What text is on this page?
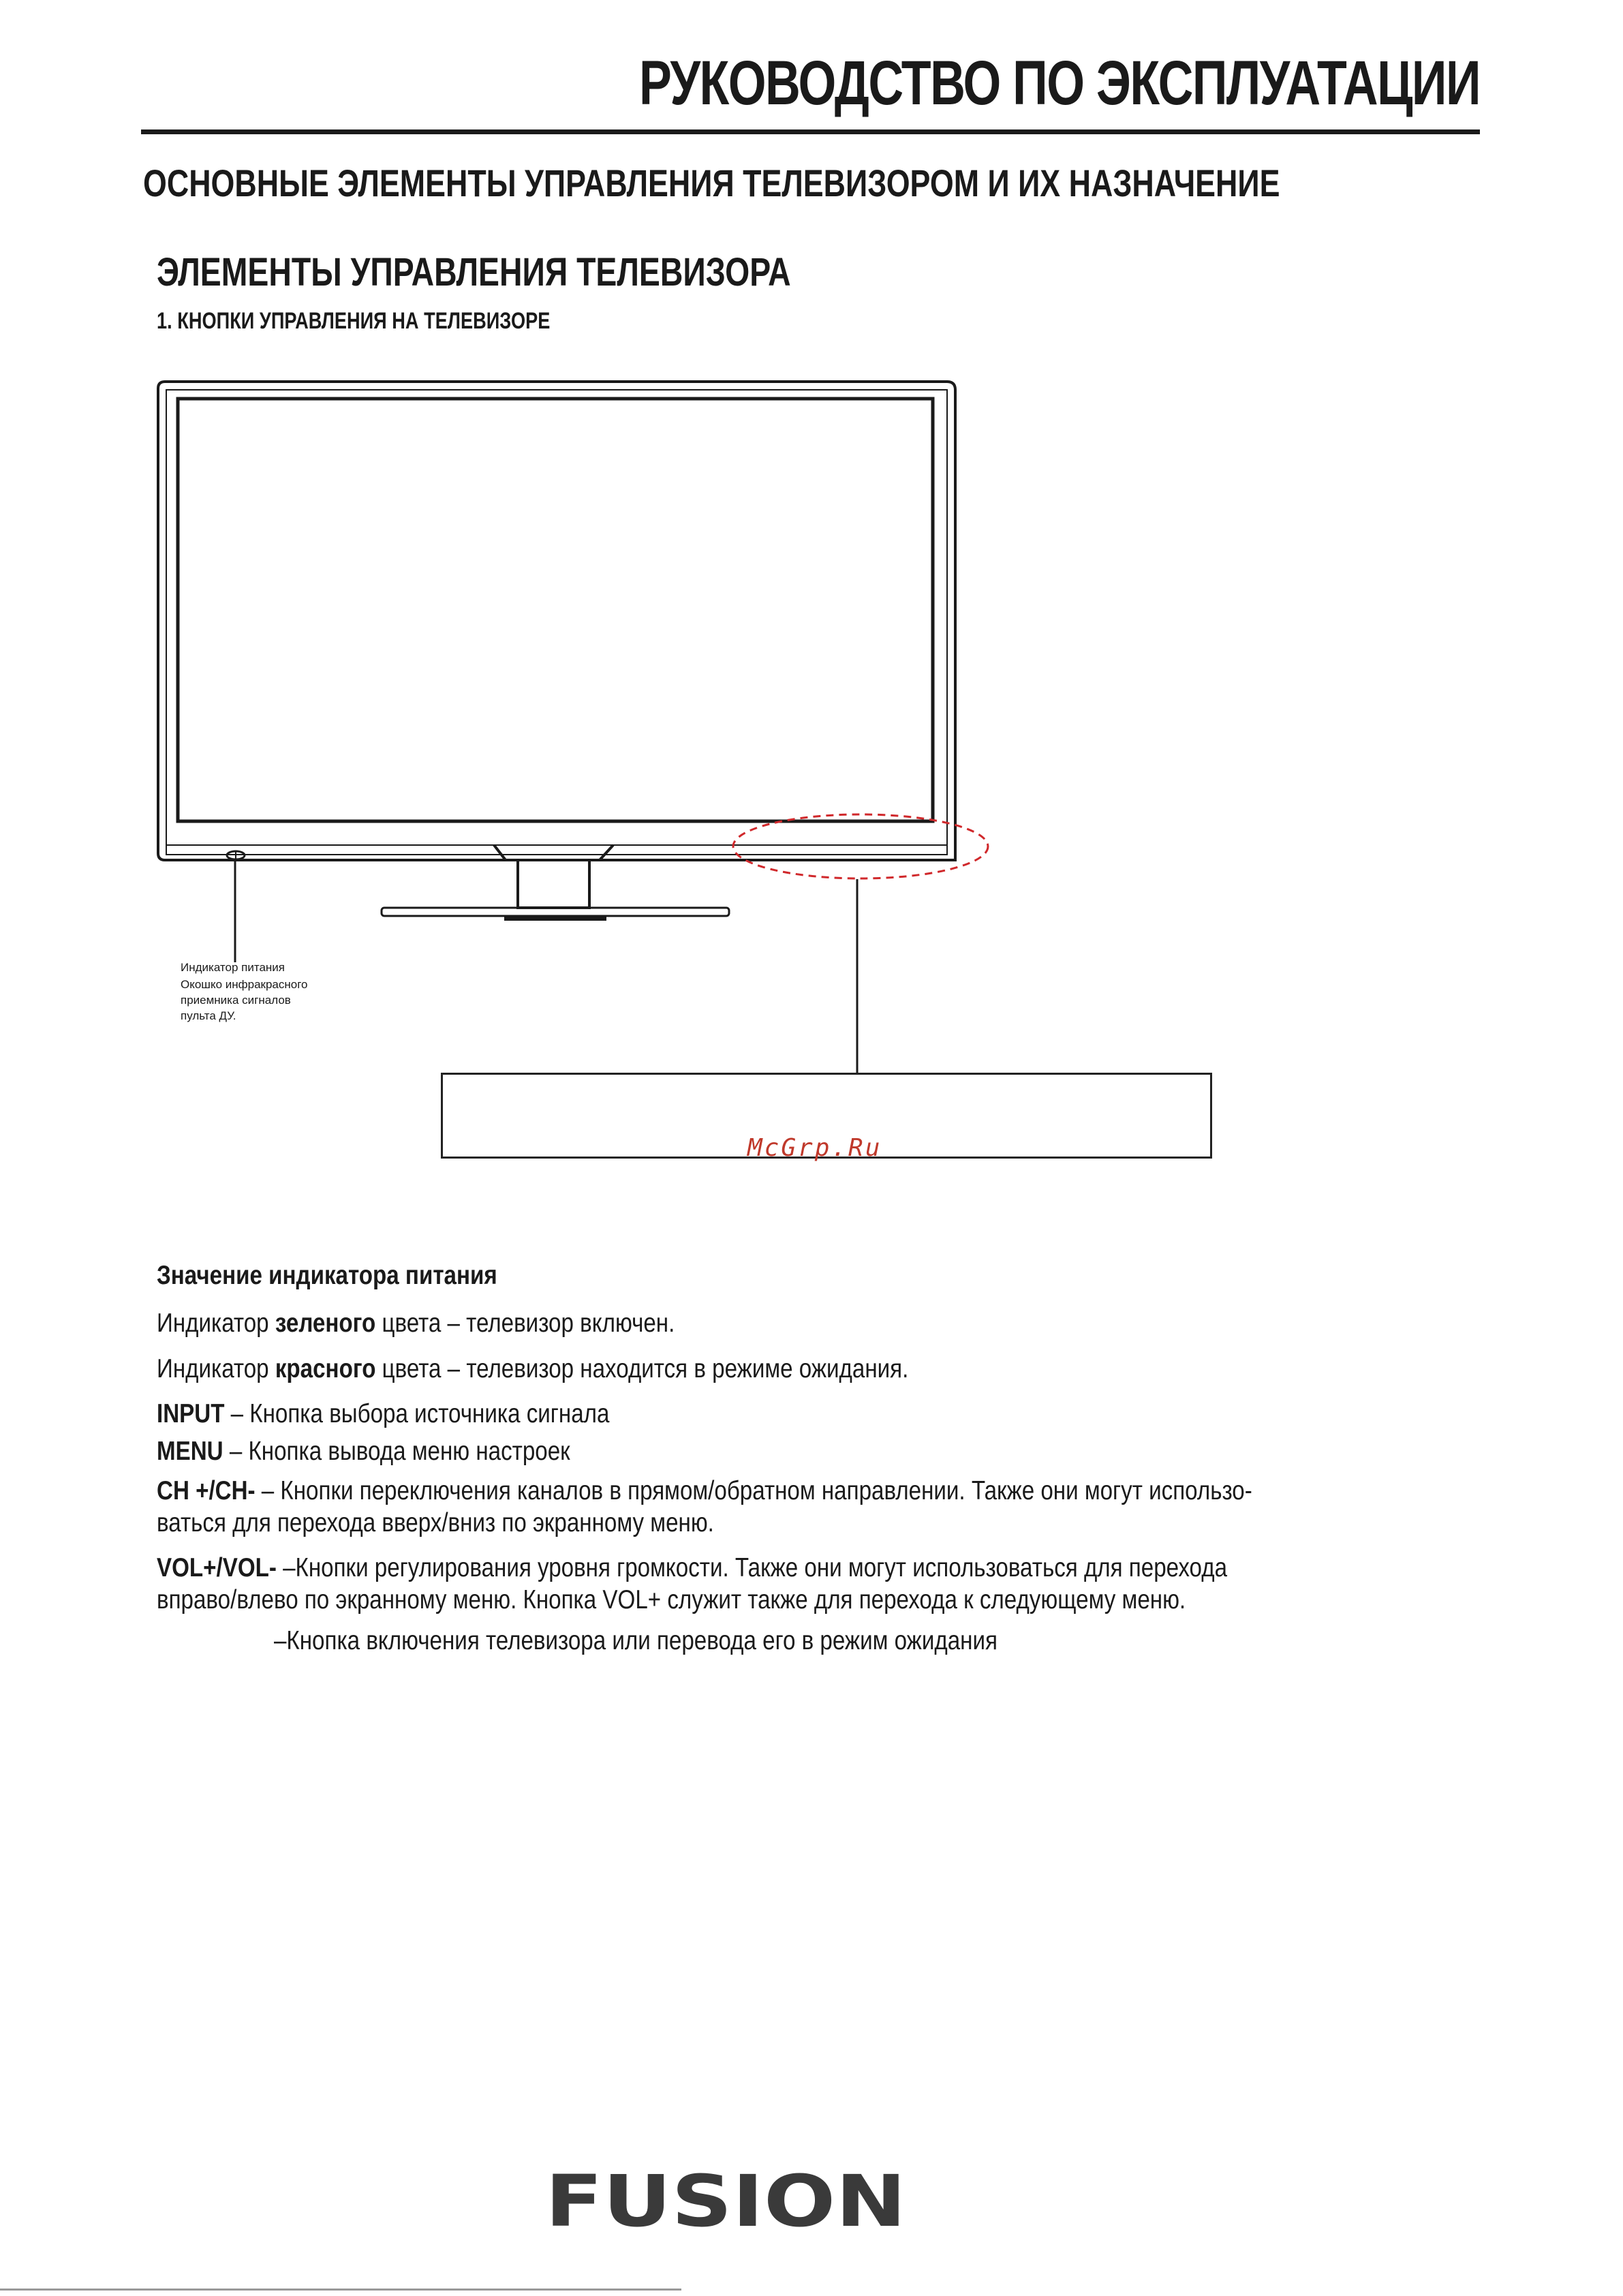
РУКОВОДСТВО ПО ЭКСПЛУАТАЦИИ
ОСНОВНЫЕ ЭЛЕМЕНТЫ УПРАВЛЕНИЯ ТЕЛЕВИЗОРОМ И ИХ НАЗНАЧЕНИЕ
ЭЛЕМЕНТЫ УПРАВЛЕНИЯ ТЕЛЕВИЗОРА
1. КНОПКИ УПРАВЛЕНИЯ НА ТЕЛЕВИЗОРЕ
Индикатор питания
Окошко инфракрасного
приемника сигналов
пульта ДУ.
McGrp.Ru
Значение индикатора питания
Индикатор зеленого цвета – телевизор включен.
Индикатор красного цвета – телевизор находится в режиме ожидания.
INPUT – Кнопка выбора источника сигнала
MENU – Кнопка вывода меню настроек
CH +/CH- – Кнопки переключения каналов в прямом/обратном направлении. Также они могут использо-
ваться для перехода вверх/вниз по экранному меню.
VOL+/VOL- –Кнопки регулирования уровня громкости. Также они могут использоваться для перехода
вправо/влево по экранному меню. Кнопка VOL+ служит также для перехода к следующему меню.
–Кнопка включения телевизора или перевода его в режим ожидания
FUSION
